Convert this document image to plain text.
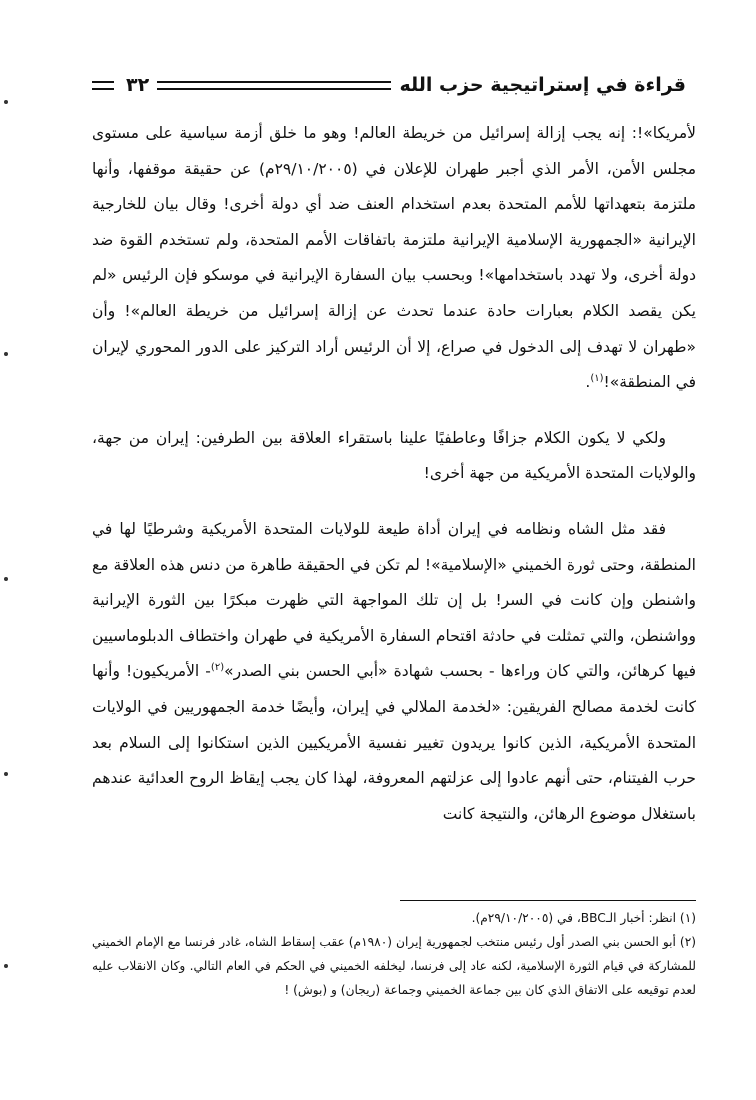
قراءة في إستراتيجية حزب الله
٣٢

لأمريكا»!: إنه يجب إزالة إسرائيل من خريطة العالم! وهو ما خلق أزمة سياسية على مستوى مجلس الأمن، الأمر الذي أجبر طهران للإعلان في (٢٩/١٠/٢٠٠٥م) عن حقيقة موقفها، وأنها ملتزمة بتعهداتها للأمم المتحدة بعدم استخدام العنف ضد أي دولة أخرى! وقال بيان للخارجية الإيرانية «الجمهورية الإسلامية الإيرانية ملتزمة باتفاقات الأمم المتحدة، ولم تستخدم القوة ضد دولة أخرى، ولا تهدد باستخدامها»! وبحسب بيان السفارة الإيرانية في موسكو فإن الرئيس «لم يكن يقصد الكلام بعبارات حادة عندما تحدث عن إزالة إسرائيل من خريطة العالم»! وأن «طهران لا تهدف إلى الدخول في صراع، إلا أن الرئيس أراد التركيز على الدور المحوري لإيران في المنطقة»!$^{(١)}$.

ولكي لا يكون الكلام جزافًا وعاطفيًا علينا باستقراء العلاقة بين الطرفين: إيران من جهة، والولايات المتحدة الأمريكية من جهة أخرى!

فقد مثل الشاه ونظامه في إيران أداة طيعة للولايات المتحدة الأمريكية وشرطيًا لها في المنطقة، وحتى ثورة الخميني «الإسلامية»! لم تكن في الحقيقة طاهرة من دنس هذه العلاقة مع واشنطن وإن كانت في السر! بل إن تلك المواجهة التي ظهرت مبكرًا بين الثورة الإيرانية وواشنطن، والتي تمثلت في حادثة اقتحام السفارة الأمريكية في طهران واختطاف الدبلوماسيين فيها كرهائن، والتي كان وراءها - بحسب شهادة «أبي الحسن بني الصدر»$^{(٢)}$- الأمريكيون! وأنها كانت لخدمة مصالح الفريقين: «لخدمة الملالي في إيران، وأيضًا خدمة الجمهوريين في الولايات المتحدة الأمريكية، الذين كانوا يريدون تغيير نفسية الأمريكيين الذين استكانوا إلى السلام بعد حرب الفيتنام، حتى أنهم عادوا إلى عزلتهم المعروفة، لهذا كان يجب إيقاظ الروح العدائية عندهم باستغلال موضوع الرهائن، والنتيجة كانت

(١) انظر: أخبار الـBBC، في (٢٩/١٠/٢٠٠٥م).

(٢) أبو الحسن بني الصدر أول رئيس منتخب لجمهورية إيران (١٩٨٠م) عقب إسقاط الشاه، غادر فرنسا مع الإمام الخميني للمشاركة في قيام الثورة الإسلامية، لكنه عاد إلى فرنسا، ليخلفه الخميني في الحكم في العام التالي. وكان الانقلاب عليه لعدم توقيعه على الاتفاق الذي كان بين جماعة الخميني وجماعة (ريجان) و (بوش) !
